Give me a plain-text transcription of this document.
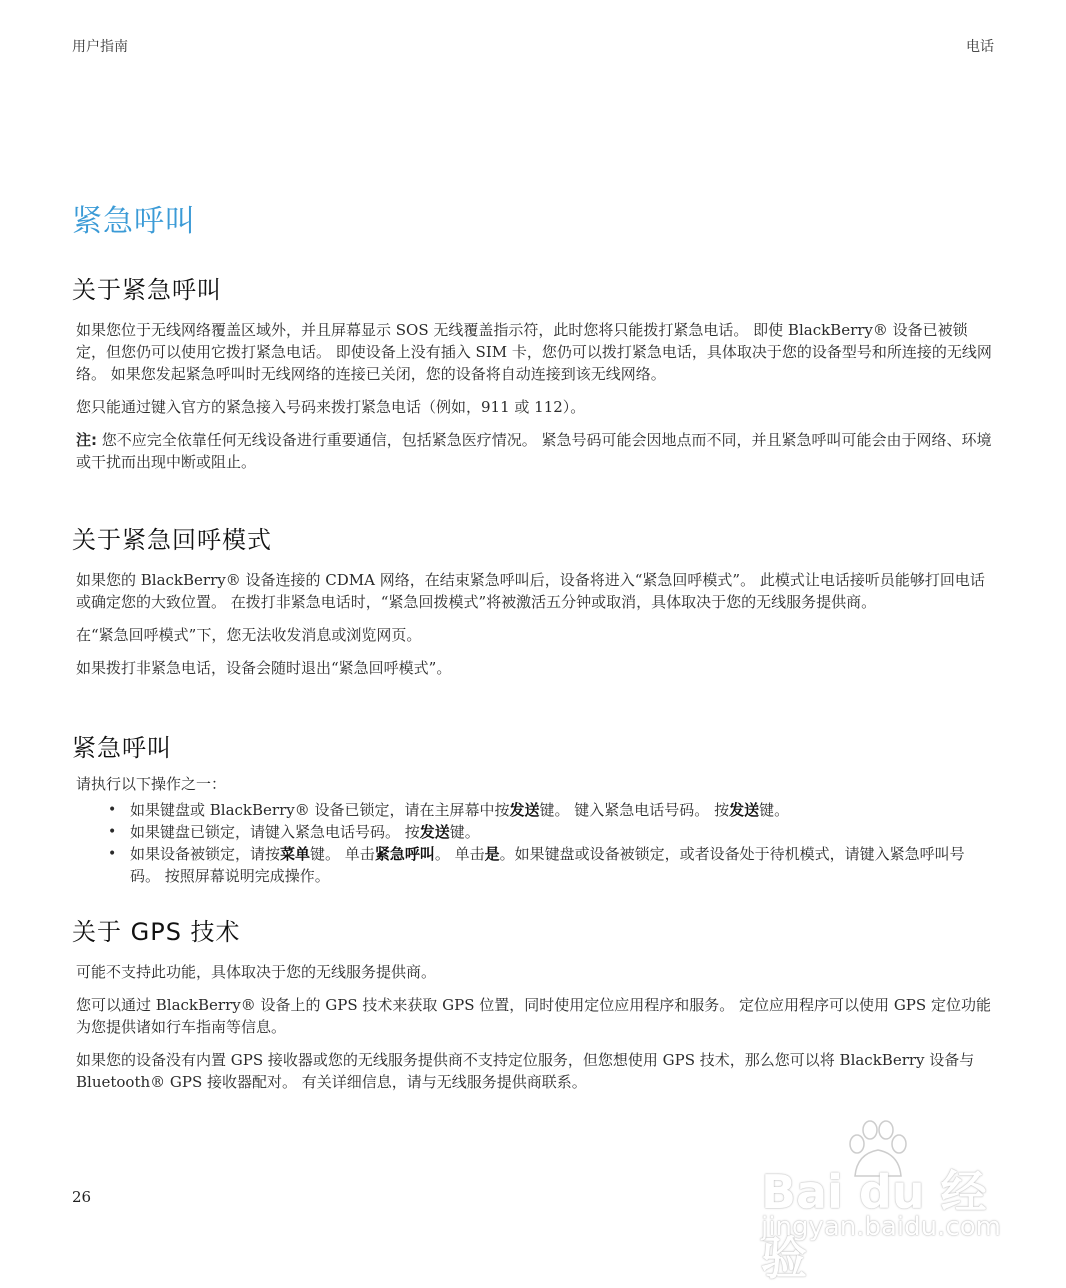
用户指南	电话
紧急呼叫
关于紧急呼叫

如果您位于无线网络覆盖区域外，并且屏幕显示 SOS 无线覆盖指示符，此时您将只能拨打紧急电话。 即使 BlackBerry® 设备已被锁定，但您仍可以使用它拨打紧急电话。 即使设备上没有插入 SIM 卡，您仍可以拨打紧急电话，具体取决于您的设备型号和所连接的无线网络。 如果您发起紧急呼叫时无线网络的连接已关闭，您的设备将自动连接到该无线网络。

您只能通过键入官方的紧急接入号码来拨打紧急电话（例如，911 或 112）。

注: 您不应完全依靠任何无线设备进行重要通信，包括紧急医疗情况。 紧急号码可能会因地点而不同，并且紧急呼叫可能会由于网络、环境或干扰而出现中断或阻止。

关于紧急回呼模式

如果您的 BlackBerry® 设备连接的 CDMA 网络，在结束紧急呼叫后，设备将进入“紧急回呼模式”。 此模式让电话接听员能够打回电话或确定您的大致位置。 在拨打非紧急电话时，“紧急回拨模式”将被激活五分钟或取消，具体取决于您的无线服务提供商。

在“紧急回呼模式”下，您无法收发消息或浏览网页。

如果拨打非紧急电话，设备会随时退出“紧急回呼模式”。

紧急呼叫

请执行以下操作之一：

• 如果键盘或 BlackBerry® 设备已锁定，请在主屏幕中按发送键。 键入紧急电话号码。 按发送键。
• 如果键盘已锁定，请键入紧急电话号码。 按发送键。
• 如果设备被锁定，请按菜单键。 单击紧急呼叫。 单击是。如果键盘或设备被锁定，或者设备处于待机模式，请键入紧急呼叫号码。 按照屏幕说明完成操作。
关于 GPS 技术

可能不支持此功能，具体取决于您的无线服务提供商。

您可以通过 BlackBerry® 设备上的 GPS 技术来获取 GPS 位置，同时使用定位应用程序和服务。 定位应用程序可以使用 GPS 定位功能为您提供诸如行车指南等信息。

如果您的设备没有内置 GPS 接收器或您的无线服务提供商不支持定位服务，但您想使用 GPS 技术，那么您可以将 BlackBerry 设备与 Bluetooth® GPS 接收器配对。 有关详细信息，请与无线服务提供商联系。

26	Bai du 经验
jingyan.baidu.com
